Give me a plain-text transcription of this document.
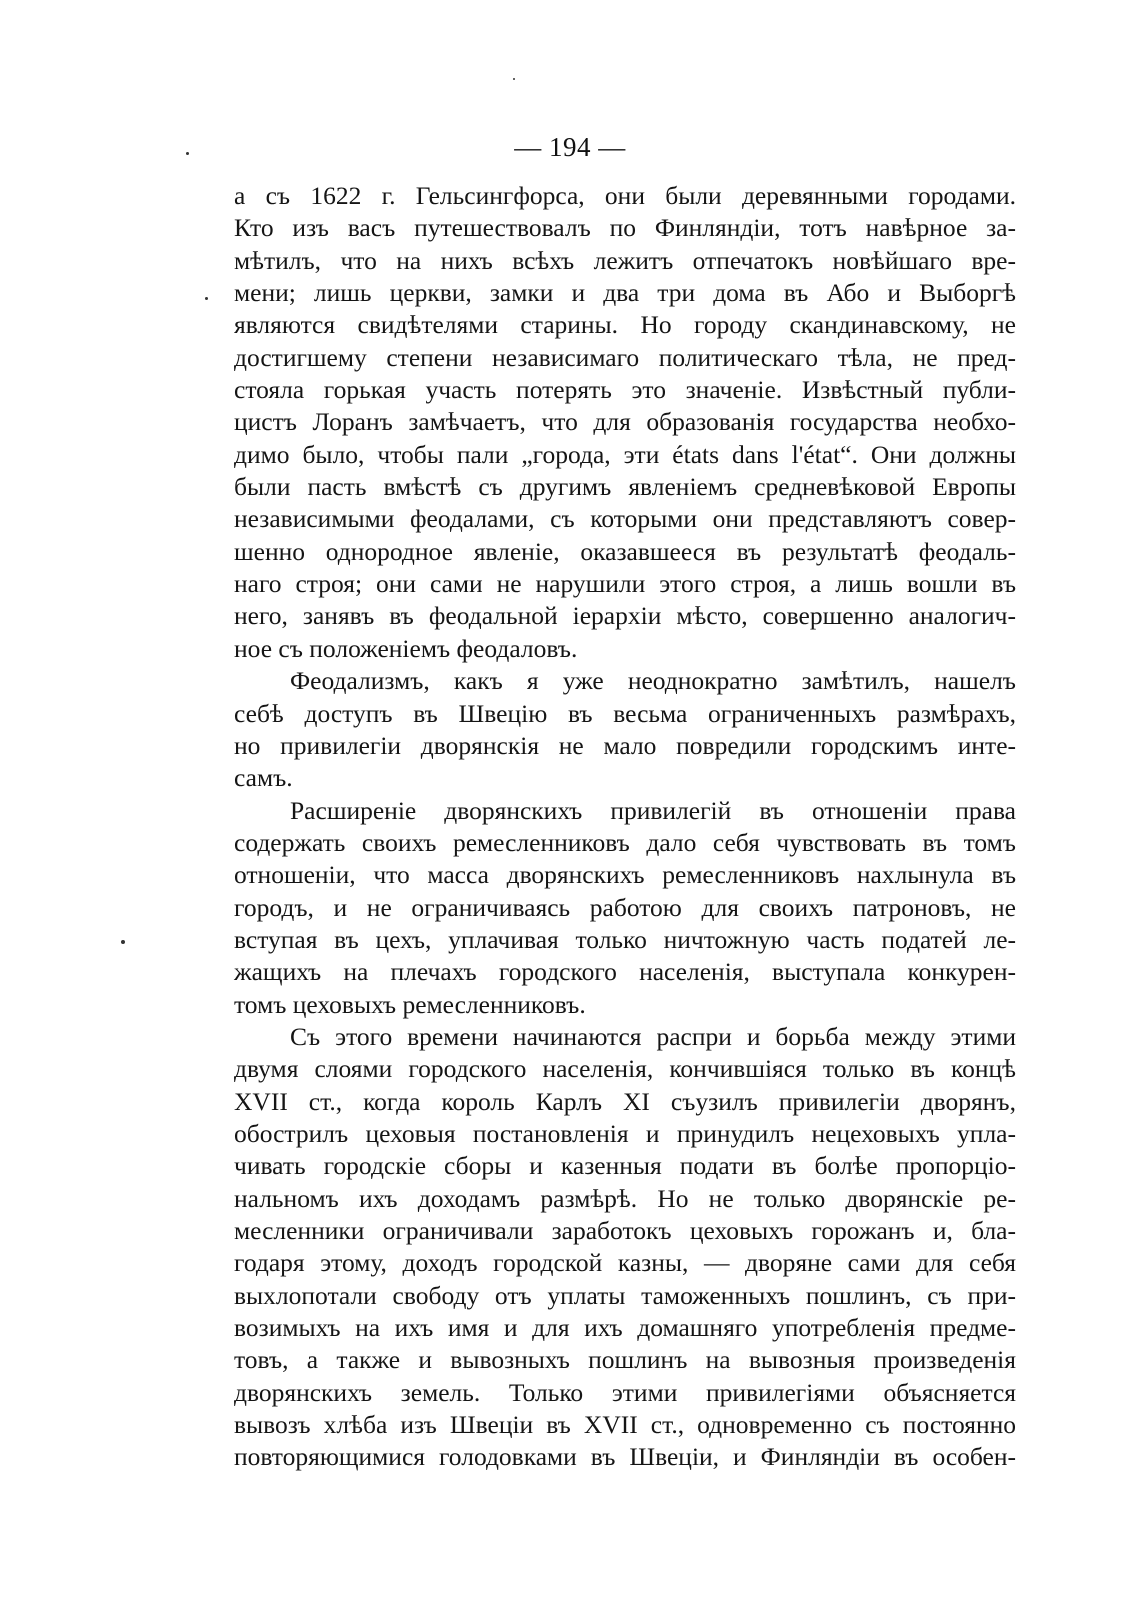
— 194 —

а съ 1622 г. Гельсингфорса, они были деревянными городами.
Кто изъ васъ путешествовалъ по Финляндіи, тотъ навѣрное за-
мѣтилъ, что на нихъ всѣхъ лежитъ отпечатокъ новѣйшаго вре-
мени; лишь церкви, замки и два три дома въ Або и Выборгѣ
являются свидѣтелями старины. Но городу скандинавскому, не
достигшему степени независимаго политическаго тѣла, не пред-
стояла горькая участь потерять это значеніе. Извѣстный публи-
цистъ Лоранъ замѣчаетъ, что для образованія государства необхо-
димо было, чтобы пали „города, эти états dans l'état“. Они должны
были пасть вмѣстѣ съ другимъ явленіемъ средневѣковой Европы
независимыми феодалами, съ которыми они представляютъ совер-
шенно однородное явленіе, оказавшееся въ результатѣ феодаль-
наго строя; они сами не нарушили этого строя, а лишь вошли въ
него, занявъ въ феодальной іерархіи мѣсто, совершенно аналогич-
ное съ положеніемъ феодаловъ.

Феодализмъ, какъ я уже неоднократно замѣтилъ, нашелъ
себѣ доступъ въ Швецію въ весьма ограниченныхъ размѣрахъ,
но привилегіи дворянскія не мало повредили городскимъ инте-
самъ.

Расширеніе дворянскихъ привилегій въ отношеніи права
содержать своихъ ремесленниковъ дало себя чувствовать въ томъ
отношеніи, что масса дворянскихъ ремесленниковъ нахлынула въ
городъ, и не ограничиваясь работою для своихъ патроновъ, не
вступая въ цехъ, уплачивая только ничтожную часть податей ле-
жащихъ на плечахъ городского населенія, выступала конкурен-
томъ цеховыхъ ремесленниковъ.

Съ этого времени начинаются распри и борьба между этими
двумя слоями городского населенія, кончившіяся только въ концѣ
XVII ст., когда король Карлъ XI съузилъ привилегіи дворянъ,
обострилъ цеховыя постановленія и принудилъ нецеховыхъ упла-
чивать городскіе сборы и казенныя подати въ болѣе пропорціо-
нальномъ ихъ доходамъ размѣрѣ. Но не только дворянскіе ре-
месленники ограничивали заработокъ цеховыхъ горожанъ и, бла-
годаря этому, доходъ городской казны, — дворяне сами для себя
выхлопотали свободу отъ уплаты таможенныхъ пошлинъ, съ при-
возимыхъ на ихъ имя и для ихъ домашняго употребленія предме-
товъ, а также и вывозныхъ пошлинъ на вывозныя произведенія
дворянскихъ земель. Только этими привилегіями объясняется
вывозъ хлѣба изъ Швеціи въ XVII ст., одновременно съ постоянно
повторяющимися голодовками въ Швеціи, и Финляндіи въ особен-
